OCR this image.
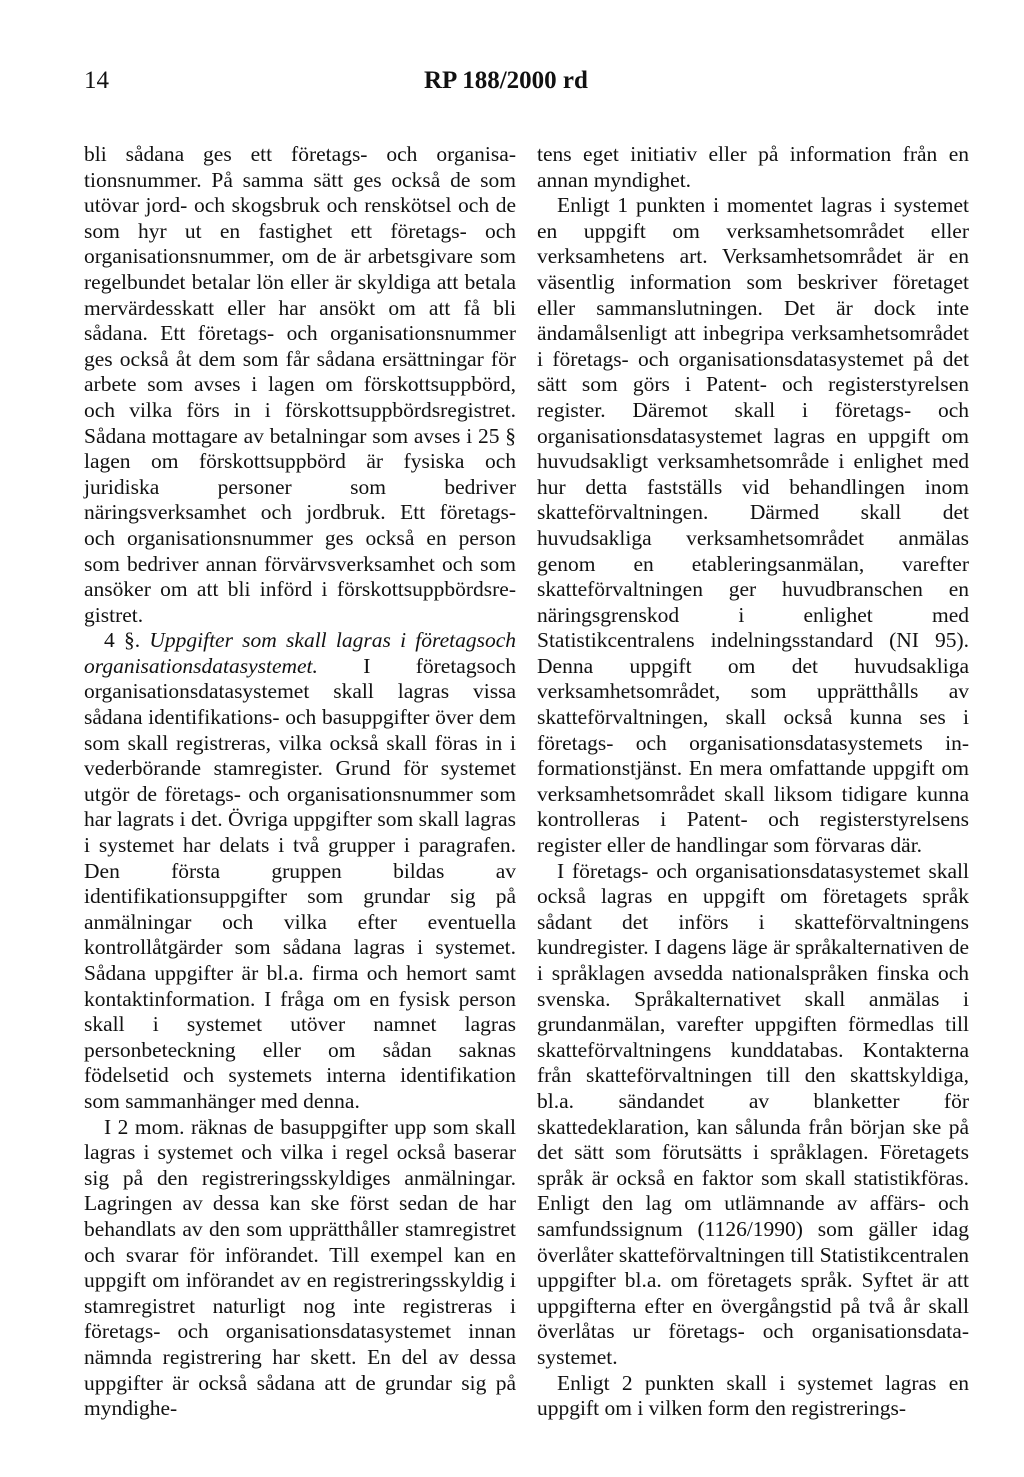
14	RP 188/2000 rd

bli sådana ges ett företags- och organisationsnummer. På samma sätt ges också de som utövar jord- och skogsbruk och renskötsel och de som hyr ut en fastighet ett företags- och organisationsnummer, om de är arbetsgivare som regelbundet betalar lön eller är skyldiga att betala mervärdesskatt eller har ansökt om att få bli sådana. Ett företags- och organisationsnummer ges också åt dem som får sådana ersättningar för arbete som avses i lagen om förskottsuppbörd, och vilka förs in i förskottsuppbördsregistret. Sådana mottagare av betalningar som avses i 25 § lagen om förskottsuppbörd är fysiska och juridiska personer som bedriver näringsverksamhet och jordbruk. Ett företags- och organisationsnummer ges också en person som bedriver annan förvärvsverksamhet och som ansöker om att bli införd i förskottsuppbördsregistret.

4 §. Uppgifter som skall lagras i företagsoch organisationsdatasystemet. I företagsoch organisationsdatasystemet skall lagras vissa sådana identifikations- och basuppgifter över dem som skall registreras, vilka också skall föras in i vederbörande stamregister. Grund för systemet utgör de företags- och organisationsnummer som har lagrats i det. Övriga uppgifter som skall lagras i systemet har delats i två grupper i paragrafen. Den första gruppen bildas av identifikationsuppgifter som grundar sig på anmälningar och vilka efter eventuella kontrollåtgärder som sådana lagras i systemet. Sådana uppgifter är bl.a. firma och hemort samt kontaktinformation. I fråga om en fysisk person skall i systemet utöver namnet lagras personbeteckning eller om sådan saknas födelsetid och systemets interna identifikation som sammanhänger med denna.

I 2 mom. räknas de basuppgifter upp som skall lagras i systemet och vilka i regel också baserar sig på den registreringsskyldiges anmälningar. Lagringen av dessa kan ske först sedan de har behandlats av den som upprätthåller stamregistret och svarar för införandet. Till exempel kan en uppgift om införandet av en registreringsskyldig i stamregistret naturligt nog inte registreras i företags- och organisationsdatasystemet innan nämnda registrering har skett. En del av dessa uppgifter är också sådana att de grundar sig på myndighe-

tens eget initiativ eller på information från en annan myndighet.

Enligt 1 punkten i momentet lagras i systemet en uppgift om verksamhetsområdet eller verksamhetens art. Verksamhetsområdet är en väsentlig information som beskriver företaget eller sammanslutningen. Det är dock inte ändamålsenligt att inbegripa verksamhetsområdet i företags- och organisationsdatasystemet på det sätt som görs i Patent- och registerstyrelsen register. Däremot skall i företags- och organisationsdatasystemet lagras en uppgift om huvudsakligt verksamhetsområde i enlighet med hur detta fastställs vid behandlingen inom skatteförvaltningen. Därmed skall det huvudsakliga verksamhetsområdet anmälas genom en etableringsanmälan, varefter skatteförvaltningen ger huvudbranschen en näringsgrenskod i enlighet med Statistikcentralens indelningsstandard (NI 95). Denna uppgift om det huvudsakliga verksamhetsområdet, som upprätthålls av skatteförvaltningen, skall också kunna ses i företags- och organisationsdatasystemets informationstjänst. En mera omfattande uppgift om verksamhetsområdet skall liksom tidigare kunna kontrolleras i Patent- och registerstyrelsens register eller de handlingar som förvaras där.

I företags- och organisationsdatasystemet skall också lagras en uppgift om företagets språk sådant det införs i skatteförvaltningens kundregister. I dagens läge är språkalternativen de i språklagen avsedda nationalspråken finska och svenska. Språkalternativet skall anmälas i grundanmälan, varefter uppgiften förmedlas till skatteförvaltningens kunddatabas. Kontakterna från skatteförvaltningen till den skattskyldiga, bl.a. sändandet av blanketter för skattedeklaration, kan sålunda från början ske på det sätt som förutsätts i språklagen. Företagets språk är också en faktor som skall statistikföras. Enligt den lag om utlämnande av affärs- och samfundssignum (1126/1990) som gäller idag överlåter skatteförvaltningen till Statistikcentralen uppgifter bl.a. om företagets språk. Syftet är att uppgifterna efter en övergångstid på två år skall överlåtas ur företags- och organisationsdatasystemet.

Enligt 2 punkten skall i systemet lagras en uppgift om i vilken form den registrerings-
